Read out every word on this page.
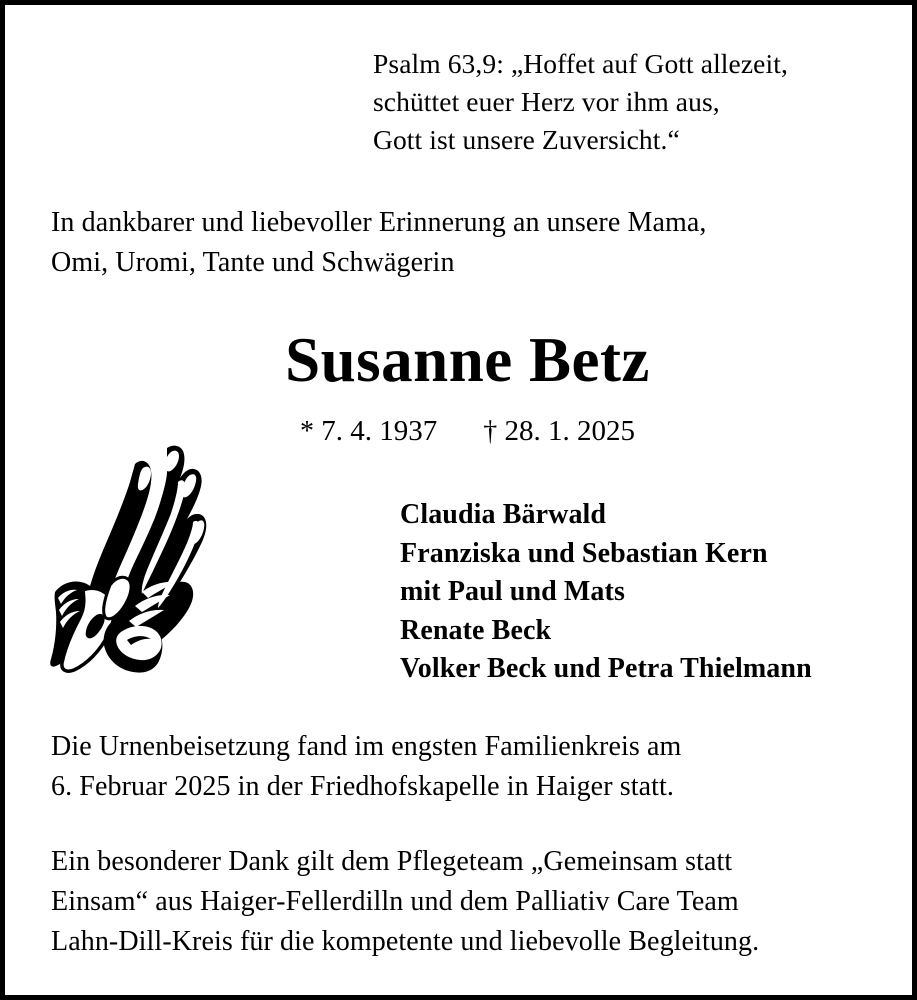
Psalm 63,9: „Hoffet auf Gott allezeit,
schüttet euer Herz vor ihm aus,
Gott ist unsere Zuversicht.“
In dankbarer und liebevoller Erinnerung an unsere Mama,
Omi, Uromi, Tante und Schwägerin
Susanne Betz
* 7. 4. 1937 † 28. 1. 2025
Claudia Bärwald
Franziska und Sebastian Kern
mit Paul und Mats
Renate Beck
Volker Beck und Petra Thielmann
Die Urnenbeisetzung fand im engsten Familienkreis am
6. Februar 2025 in der Friedhofskapelle in Haiger statt.
Ein besonderer Dank gilt dem Pflegeteam „Gemeinsam statt
Einsam“ aus Haiger-Fellerdilln und dem Palliativ Care Team
Lahn-Dill-Kreis für die kompetente und liebevolle Begleitung.
